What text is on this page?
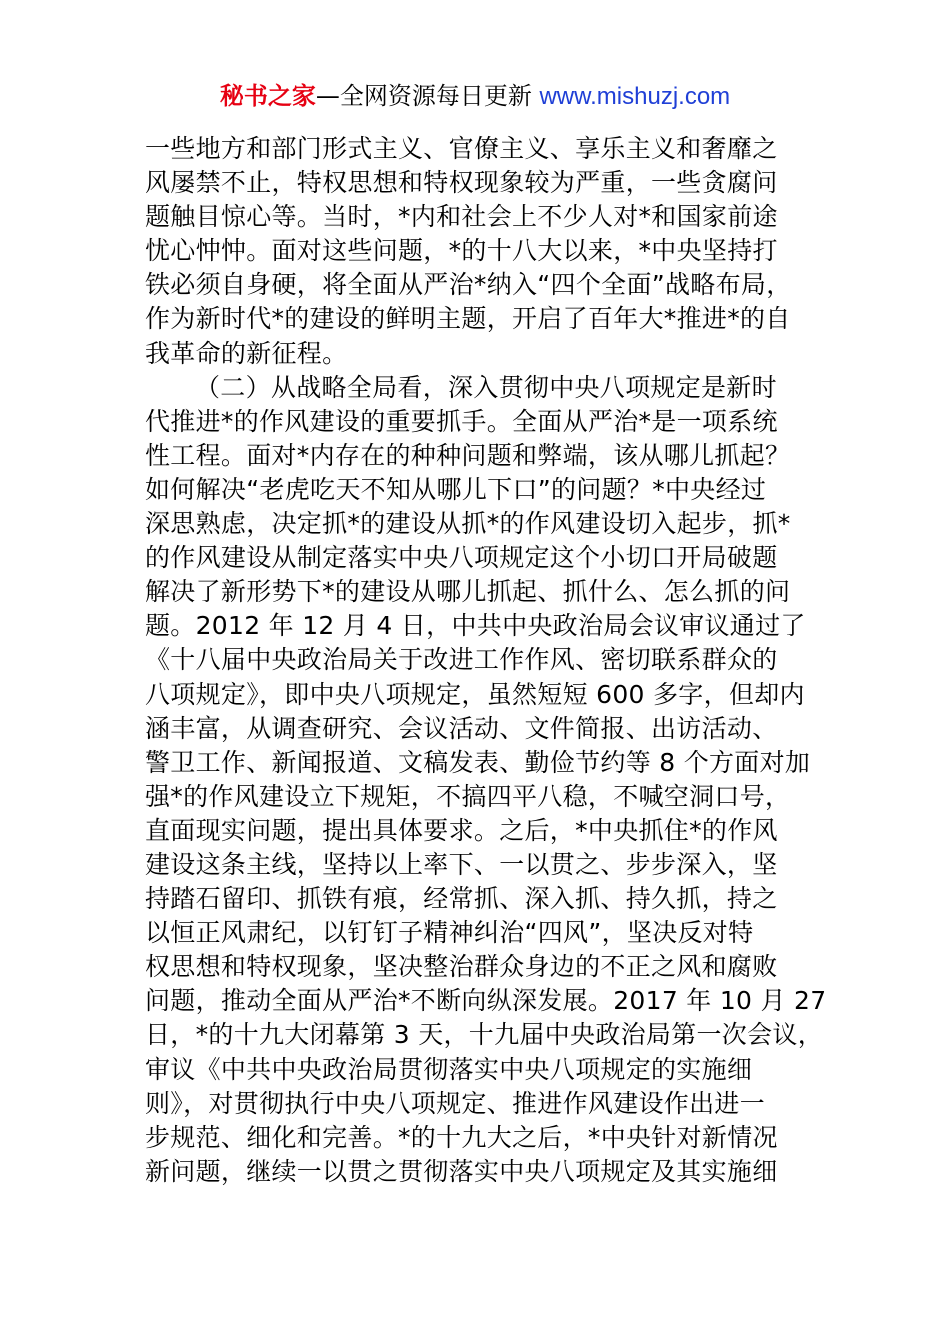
秘书之家—全网资源每日更新 www.mishuzj.com
一些地方和部门形式主义、官僚主义、享乐主义和奢靡之
风屡禁不止，特权思想和特权现象较为严重，一些贪腐问
题触目惊心等。当时，*内和社会上不少人对*和国家前途
忧心忡忡。面对这些问题，*的十八大以来，*中央坚持打
铁必须自身硬，将全面从严治*纳入“四个全面”战略布局，
作为新时代*的建设的鲜明主题，开启了百年大*推进*的自
我革命的新征程。
（二）从战略全局看，深入贯彻中央八项规定是新时
代推进*的作风建设的重要抓手。全面从严治*是一项系统
性工程。面对*内存在的种种问题和弊端，该从哪儿抓起？
如何解决“老虎吃天不知从哪儿下口”的问题？*中央经过
深思熟虑，决定抓*的建设从抓*的作风建设切入起步，抓*
的作风建设从制定落实中央八项规定这个小切口开局破题
解决了新形势下*的建设从哪儿抓起、抓什么、怎么抓的问
题。2012 年 12 月 4 日，中共中央政治局会议审议通过了
《十八届中央政治局关于改进工作作风、密切联系群众的
八项规定》，即中央八项规定，虽然短短 600 多字，但却内
涵丰富，从调查研究、会议活动、文件简报、出访活动、
警卫工作、新闻报道、文稿发表、勤俭节约等 8 个方面对加
强*的作风建设立下规矩，不搞四平八稳，不喊空洞口号，
直面现实问题，提出具体要求。之后，*中央抓住*的作风
建设这条主线，坚持以上率下、一以贯之、步步深入，坚
持踏石留印、抓铁有痕，经常抓、深入抓、持久抓，持之
以恒正风肃纪，以钉钉子精神纠治“四风”，坚决反对特
权思想和特权现象，坚决整治群众身边的不正之风和腐败
问题，推动全面从严治*不断向纵深发展。2017 年 10 月 27
日，*的十九大闭幕第 3 天，十九届中央政治局第一次会议，
审议《中共中央政治局贯彻落实中央八项规定的实施细
则》，对贯彻执行中央八项规定、推进作风建设作出进一
步规范、细化和完善。*的十九大之后，*中央针对新情况
新问题，继续一以贯之贯彻落实中央八项规定及其实施细
